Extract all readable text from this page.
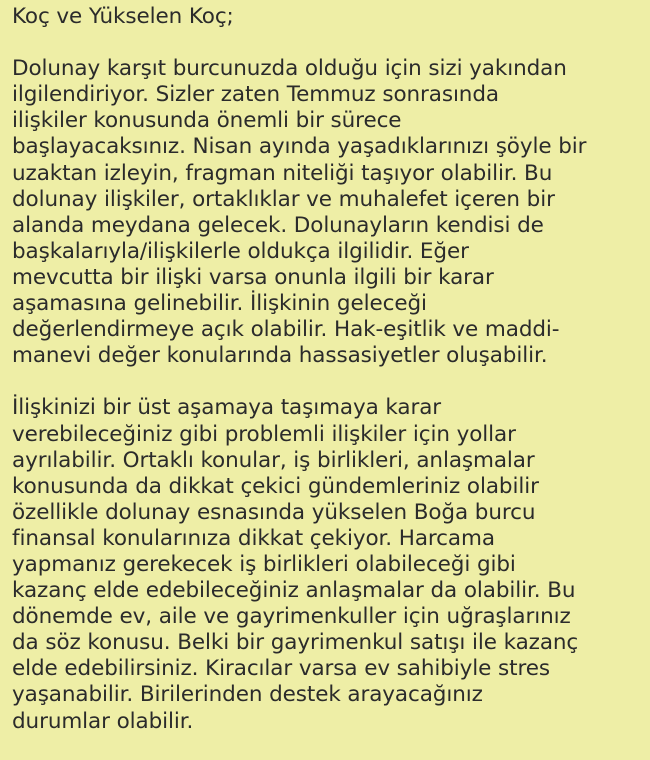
Koç ve Yükselen Koç;
Dolunay karşıt burcunuzda olduğu için sizi yakından
ilgilendiriyor. Sizler zaten Temmuz sonrasında
ilişkiler konusunda önemli bir sürece
başlayacaksınız. Nisan ayında yaşadıklarınızı şöyle bir
uzaktan izleyin, fragman niteliği taşıyor olabilir. Bu
dolunay ilişkiler, ortaklıklar ve muhalefet içeren bir
alanda meydana gelecek. Dolunayların kendisi de
başkalarıyla/ilişkilerle oldukça ilgilidir. Eğer
mevcutta bir ilişki varsa onunla ilgili bir karar
aşamasına gelinebilir. İlişkinin geleceği
değerlendirmeye açık olabilir. Hak-eşitlik ve maddi-
manevi değer konularında hassasiyetler oluşabilir.
İlişkinizi bir üst aşamaya taşımaya karar
verebileceğiniz gibi problemli ilişkiler için yollar
ayrılabilir. Ortaklı konular, iş birlikleri, anlaşmalar
konusunda da dikkat çekici gündemleriniz olabilir
özellikle dolunay esnasında yükselen Boğa burcu
finansal konularınıza dikkat çekiyor. Harcama
yapmanız gerekecek iş birlikleri olabileceği gibi
kazanç elde edebileceğiniz anlaşmalar da olabilir. Bu
dönemde ev, aile ve gayrimenkuller için uğraşlarınız
da söz konusu. Belki bir gayrimenkul satışı ile kazanç
elde edebilirsiniz. Kiracılar varsa ev sahibiyle stres
yaşanabilir. Birilerinden destek arayacağınız
durumlar olabilir.
